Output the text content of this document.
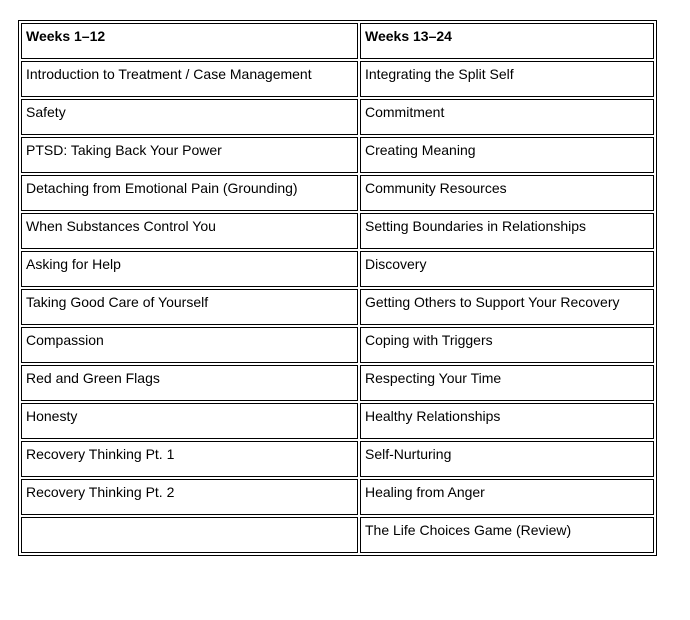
Weeks 1–12	Weeks 13–24
Introduction to Treatment / Case Management	Integrating the Split Self
Safety	Commitment
PTSD: Taking Back Your Power	Creating Meaning
Detaching from Emotional Pain (Grounding)	Community Resources
When Substances Control You	Setting Boundaries in Relationships
Asking for Help	Discovery
Taking Good Care of Yourself	Getting Others to Support Your Recovery
Compassion	Coping with Triggers
Red and Green Flags	Respecting Your Time
Honesty	Healthy Relationships
Recovery Thinking Pt. 1	Self-Nurturing
Recovery Thinking Pt. 2	Healing from Anger
	The Life Choices Game (Review)
